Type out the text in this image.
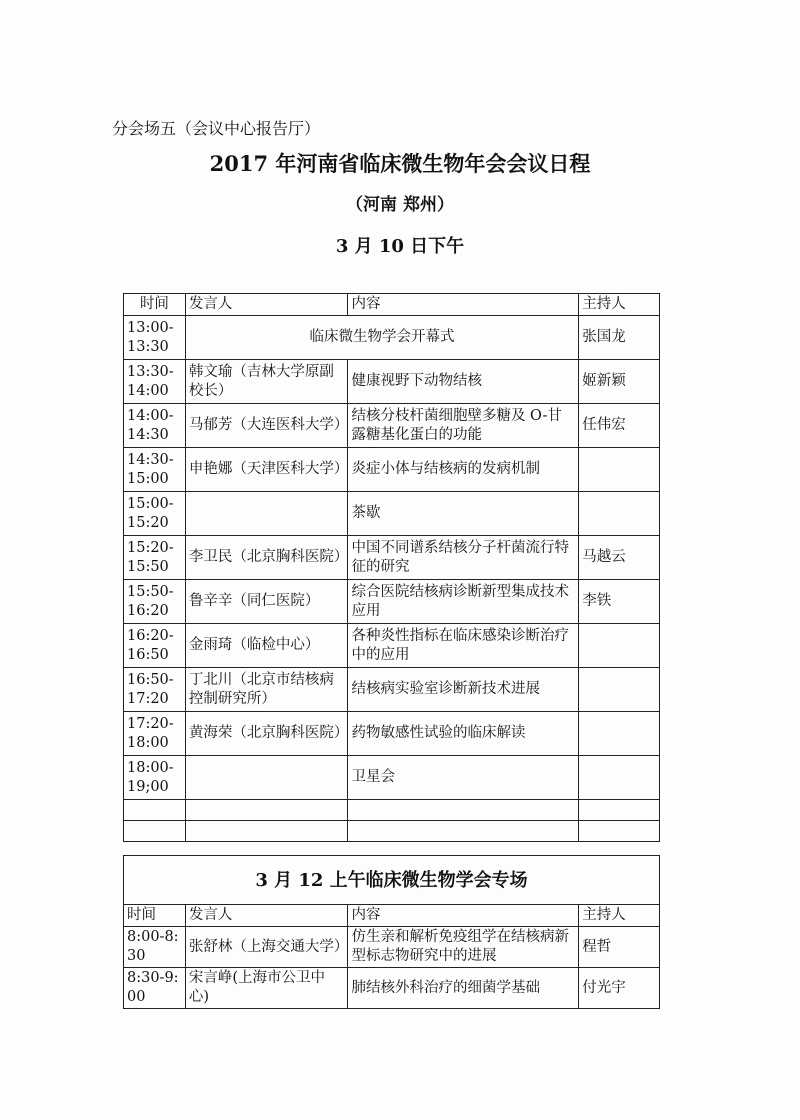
分会场五（会议中心报告厅）
2017 年河南省临床微生物年会会议日程
（河南 郑州）
3 月 10 日下午
时间	发言人	内容	主持人
13:00-13:30	临床微生物学会开幕式		张国龙
13:30-14:00	韩文瑜（吉林大学原副校长）	健康视野下动物结核	姬新颖
14:00-14:30	马郁芳（大连医科大学）	结核分枝杆菌细胞壁多糖及 O-甘露糖基化蛋白的功能	任伟宏
14:30-15:00	申艳娜（天津医科大学）	炎症小体与结核病的发病机制	
15:00-15:20		茶歇	
15:20-15:50	李卫民（北京胸科医院）	中国不同谱系结核分子杆菌流行特征的研究	马越云
15:50-16:20	鲁辛辛（同仁医院）	综合医院结核病诊断新型集成技术应用	李铁
16:20-16:50	金雨琦（临检中心）	各种炎性指标在临床感染诊断治疗中的应用	
16:50-17:20	丁北川（北京市结核病控制研究所）	结核病实验室诊断新技术进展	
17:20-18:00	黄海荣（北京胸科医院）	药物敏感性试验的临床解读	
18:00-19;00		卫星会	

3 月 12 上午临床微生物学会专场			
时间	发言人	内容	主持人
8:00-8:30	张舒林（上海交通大学）	仿生亲和解析免疫组学在结核病新型标志物研究中的进展	程哲
8:30-9:00	宋言峥(上海市公卫中心)	肺结核外科治疗的细菌学基础	付光宇
